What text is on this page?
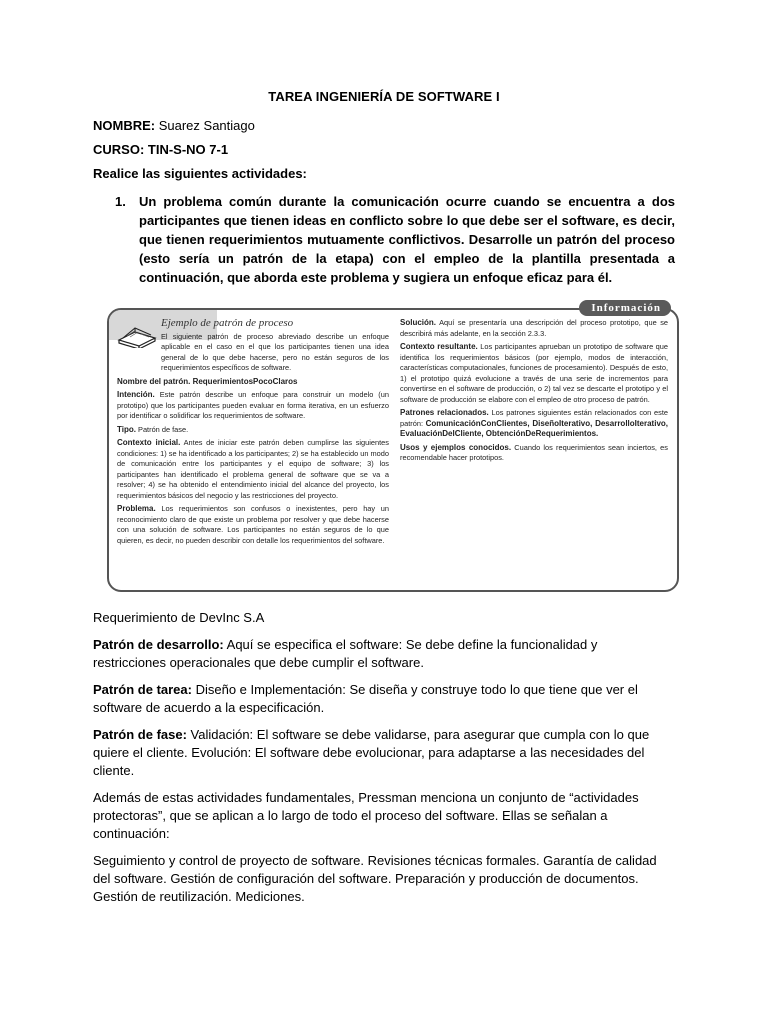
TAREA INGENIERÍA DE SOFTWARE I
NOMBRE: Suarez Santiago
CURSO: TIN-S-NO 7-1
Realice las siguientes actividades:
1. Un problema común durante la comunicación ocurre cuando se encuentra a dos participantes que tienen ideas en conflicto sobre lo que debe ser el software, es decir, que tienen requerimientos mutuamente conflictivos. Desarrolle un patrón del proceso (esto sería un patrón de la etapa) con el empleo de la plantilla presentada a continuación, que aborda este problema y sugiera un enfoque eficaz para él.
Información
Ejemplo de patrón de proceso

El siguiente patrón de proceso abreviado describe un enfoque aplicable en el caso en el que los participantes tienen una idea general de lo que debe hacerse, pero no están seguros de los requerimientos específicos de software.

Nombre del patrón. RequerimientosPocoClaros

Intención. Este patrón describe un enfoque para construir un modelo (un prototipo) que los participantes pueden evaluar en forma iterativa, en un esfuerzo por identificar o solidificar los requerimientos de software.

Tipo. Patrón de fase.

Contexto inicial. Antes de iniciar este patrón deben cumplirse las siguientes condiciones: 1) se ha identificado a los participantes; 2) se ha establecido un modo de comunicación entre los participantes y el equipo de software; 3) los participantes han identificado el problema general de software que se va a resolver; 4) se ha obtenido el entendimiento inicial del alcance del proyecto, los requerimientos básicos del negocio y las restricciones del proyecto.

Problema. Los requerimientos son confusos o inexistentes, pero hay un reconocimiento claro de que existe un problema por resolver y que debe hacerse con una solución de software. Los participantes no están seguros de lo que quieren, es decir, no pueden describir con detalle los requerimientos del software.

Solución. Aquí se presentaría una descripción del proceso prototipo, que se describirá más adelante, en la sección 2.3.3.

Contexto resultante. Los participantes aprueban un prototipo de software que identifica los requerimientos básicos (por ejemplo, modos de interacción, características computacionales, funciones de procesamiento). Después de esto, 1) el prototipo quizá evolucione a través de una serie de incrementos para convertirse en el software de producción, o 2) tal vez se descarte el prototipo y el software de producción se elabore con el empleo de otro proceso de patrón.

Patrones relacionados. Los patrones siguientes están relacionados con este patrón: ComunicaciónConClientes, DiseñoIterativo, DesarrolloIterativo, EvaluaciónDelCliente, ObtenciónDeRequerimientos.

Usos y ejemplos conocidos. Cuando los requerimientos sean inciertos, es recomendable hacer prototipos.

Requerimiento de DevInc S.A
Patrón de desarrollo: Aquí se especifica el software: Se debe define la funcionalidad y restricciones operacionales que debe cumplir el software.
Patrón de tarea: Diseño e Implementación: Se diseña y construye todo lo que tiene que ver el software de acuerdo a la especificación.
Patrón de fase: Validación: El software se debe validarse, para asegurar que cumpla con lo que quiere el cliente. Evolución: El software debe evolucionar, para adaptarse a las necesidades del cliente.
Además de estas actividades fundamentales, Pressman menciona un conjunto de “actividades protectoras”, que se aplican a lo largo de todo el proceso del software. Ellas se señalan a continuación:
Seguimiento y control de proyecto de software. Revisiones técnicas formales. Garantía de calidad del software. Gestión de configuración del software. Preparación y producción de documentos. Gestión de reutilización. Mediciones.
